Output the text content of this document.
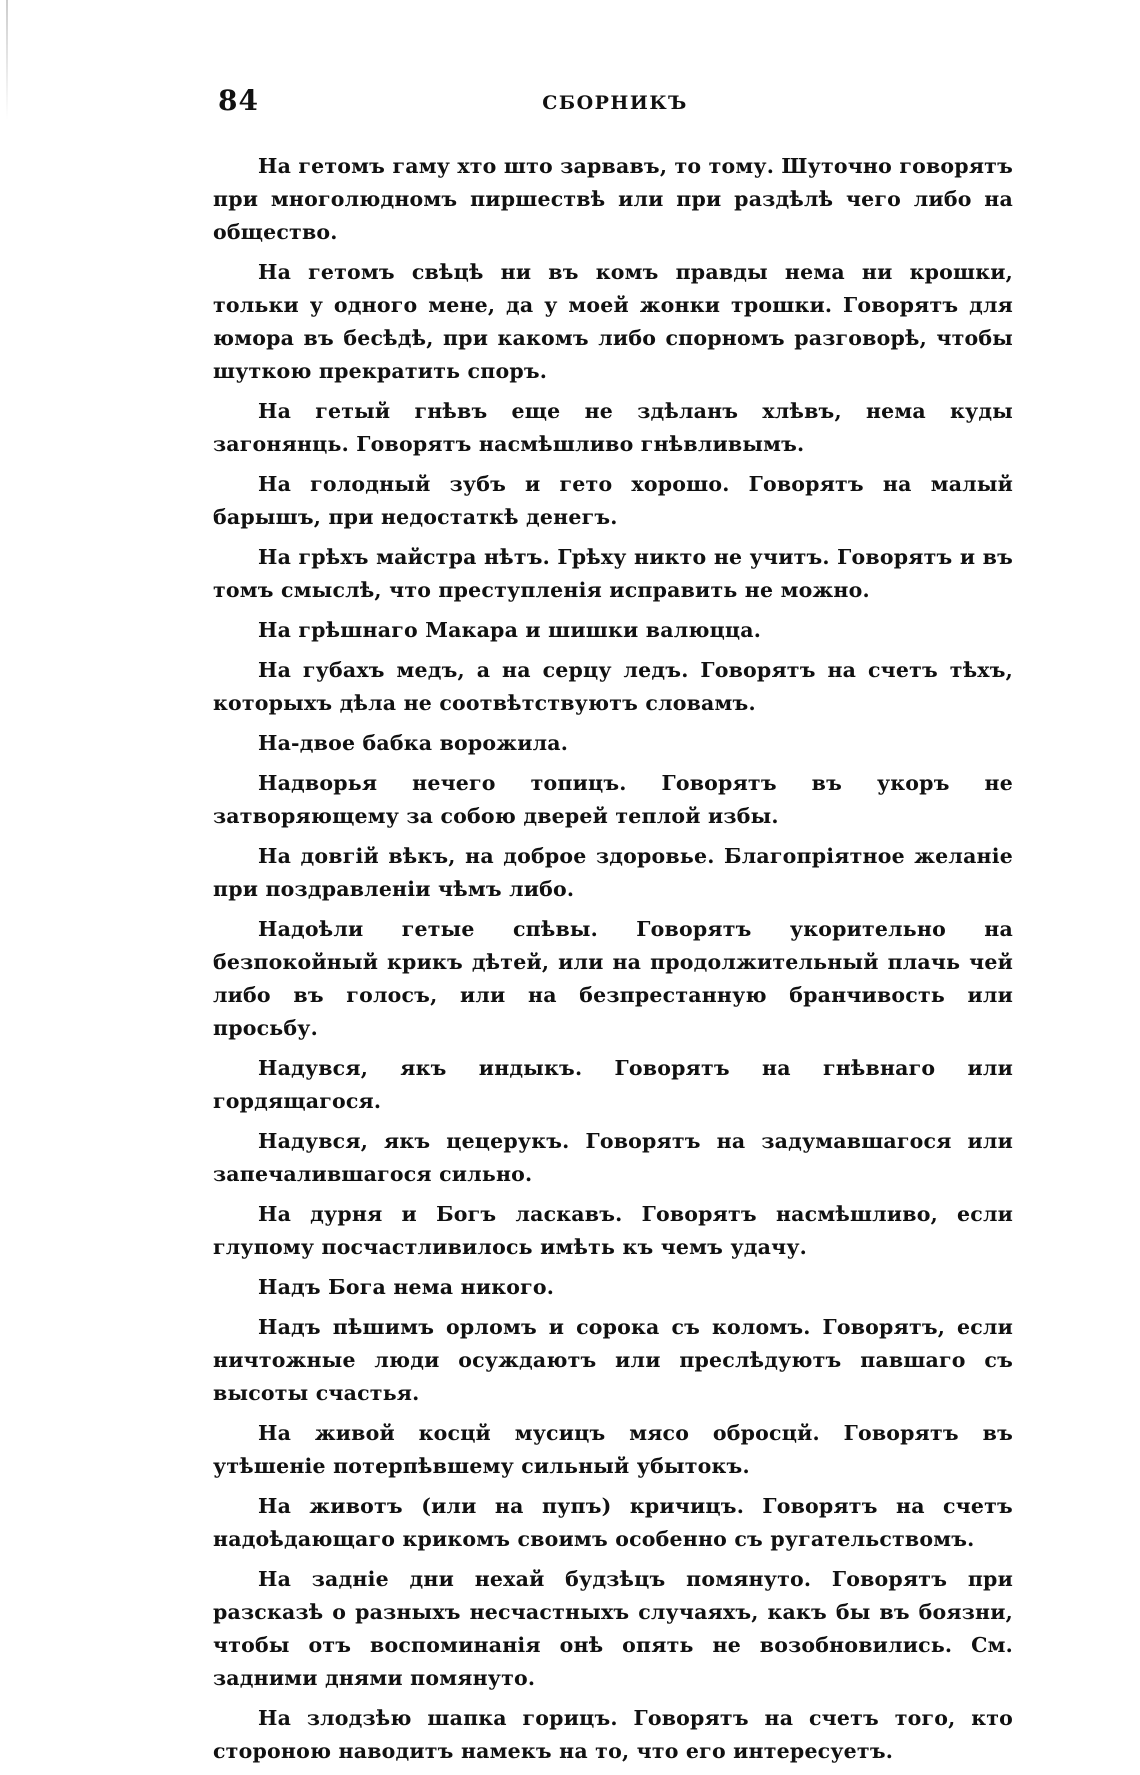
84	СБОРНИКЪ

На гетомъ гаму хто што зарвавъ, то тому. Шуточно говорятъ при многолюдномъ пиршествѣ или при раздѣлѣ чего либо на общество.

На гетомъ свѣцѣ ни въ комъ правды нема ни крошки, тольки у одного мене, да у моей жонки трошки. Говорятъ для юмора въ бесѣдѣ, при какомъ либо спорномъ разговорѣ, чтобы шуткою прекратить споръ.

На гетый гнѣвъ еще не здѣланъ хлѣвъ, нема куды загонянць. Говорятъ насмѣшливо гнѣвливымъ.

На голодный зубъ и гето хорошо. Говорятъ на малый барышъ, при недостаткѣ денегъ.

На грѣхъ майстра нѣтъ. Грѣху никто не учитъ. Говорятъ и въ томъ смыслѣ, что преступленія исправить не можно.

На грѣшнаго Макара и шишки валюцца.

На губахъ медъ, а на серцу ледъ. Говорятъ на счетъ тѣхъ, которыхъ дѣла не соотвѣтствуютъ словамъ.

На-двое бабка ворожила.

Надворья нечего топицъ. Говорятъ въ укоръ не затворяющему за собою дверей теплой избы.

На довгій вѣкъ, на доброе здоровье. Благопріятное желаніе при поздравленіи чѣмъ либо.

Надоѣли гетые спѣвы. Говорятъ укорительно на безпокойный крикъ дѣтей, или на продолжительный плачь чей либо въ голосъ, или на безпрестанную бранчивость или просьбу.

Надувся, якъ индыкъ. Говорятъ на гнѣвнаго или гордящагося.

Надувся, якъ цецерукъ. Говорятъ на задумавшагося или запечалившагося сильно.

На дурня и Богъ ласкавъ. Говорятъ насмѣшливо, если глупому посчастливилось имѣть къ чемъ удачу.

Надъ Бога нема никого.

Надъ пѣшимъ орломъ и сорока съ коломъ. Говорятъ, если ничтожные люди осуждаютъ или преслѣдуютъ павшаго съ высоты счастья.

На живой косцй мусицъ мясо обросцй. Говорятъ въ утѣшеніе потерпѣвшему сильный убытокъ.

На животъ (или на пупъ) кричицъ. Говорятъ на счетъ надоѣдающаго крикомъ своимъ особенно съ ругательствомъ.

На задніе дни нехай будзѣцъ помянуто. Говорятъ при разсказѣ о разныхъ несчастныхъ случаяхъ, какъ бы въ боязни, чтобы отъ воспоминанія онѣ опять не возобновились. См. задними днями помянуто.

На злодзѣю шапка горицъ. Говорятъ на счетъ того, кто стороною наводитъ намекъ на то, что его интересуетъ.
